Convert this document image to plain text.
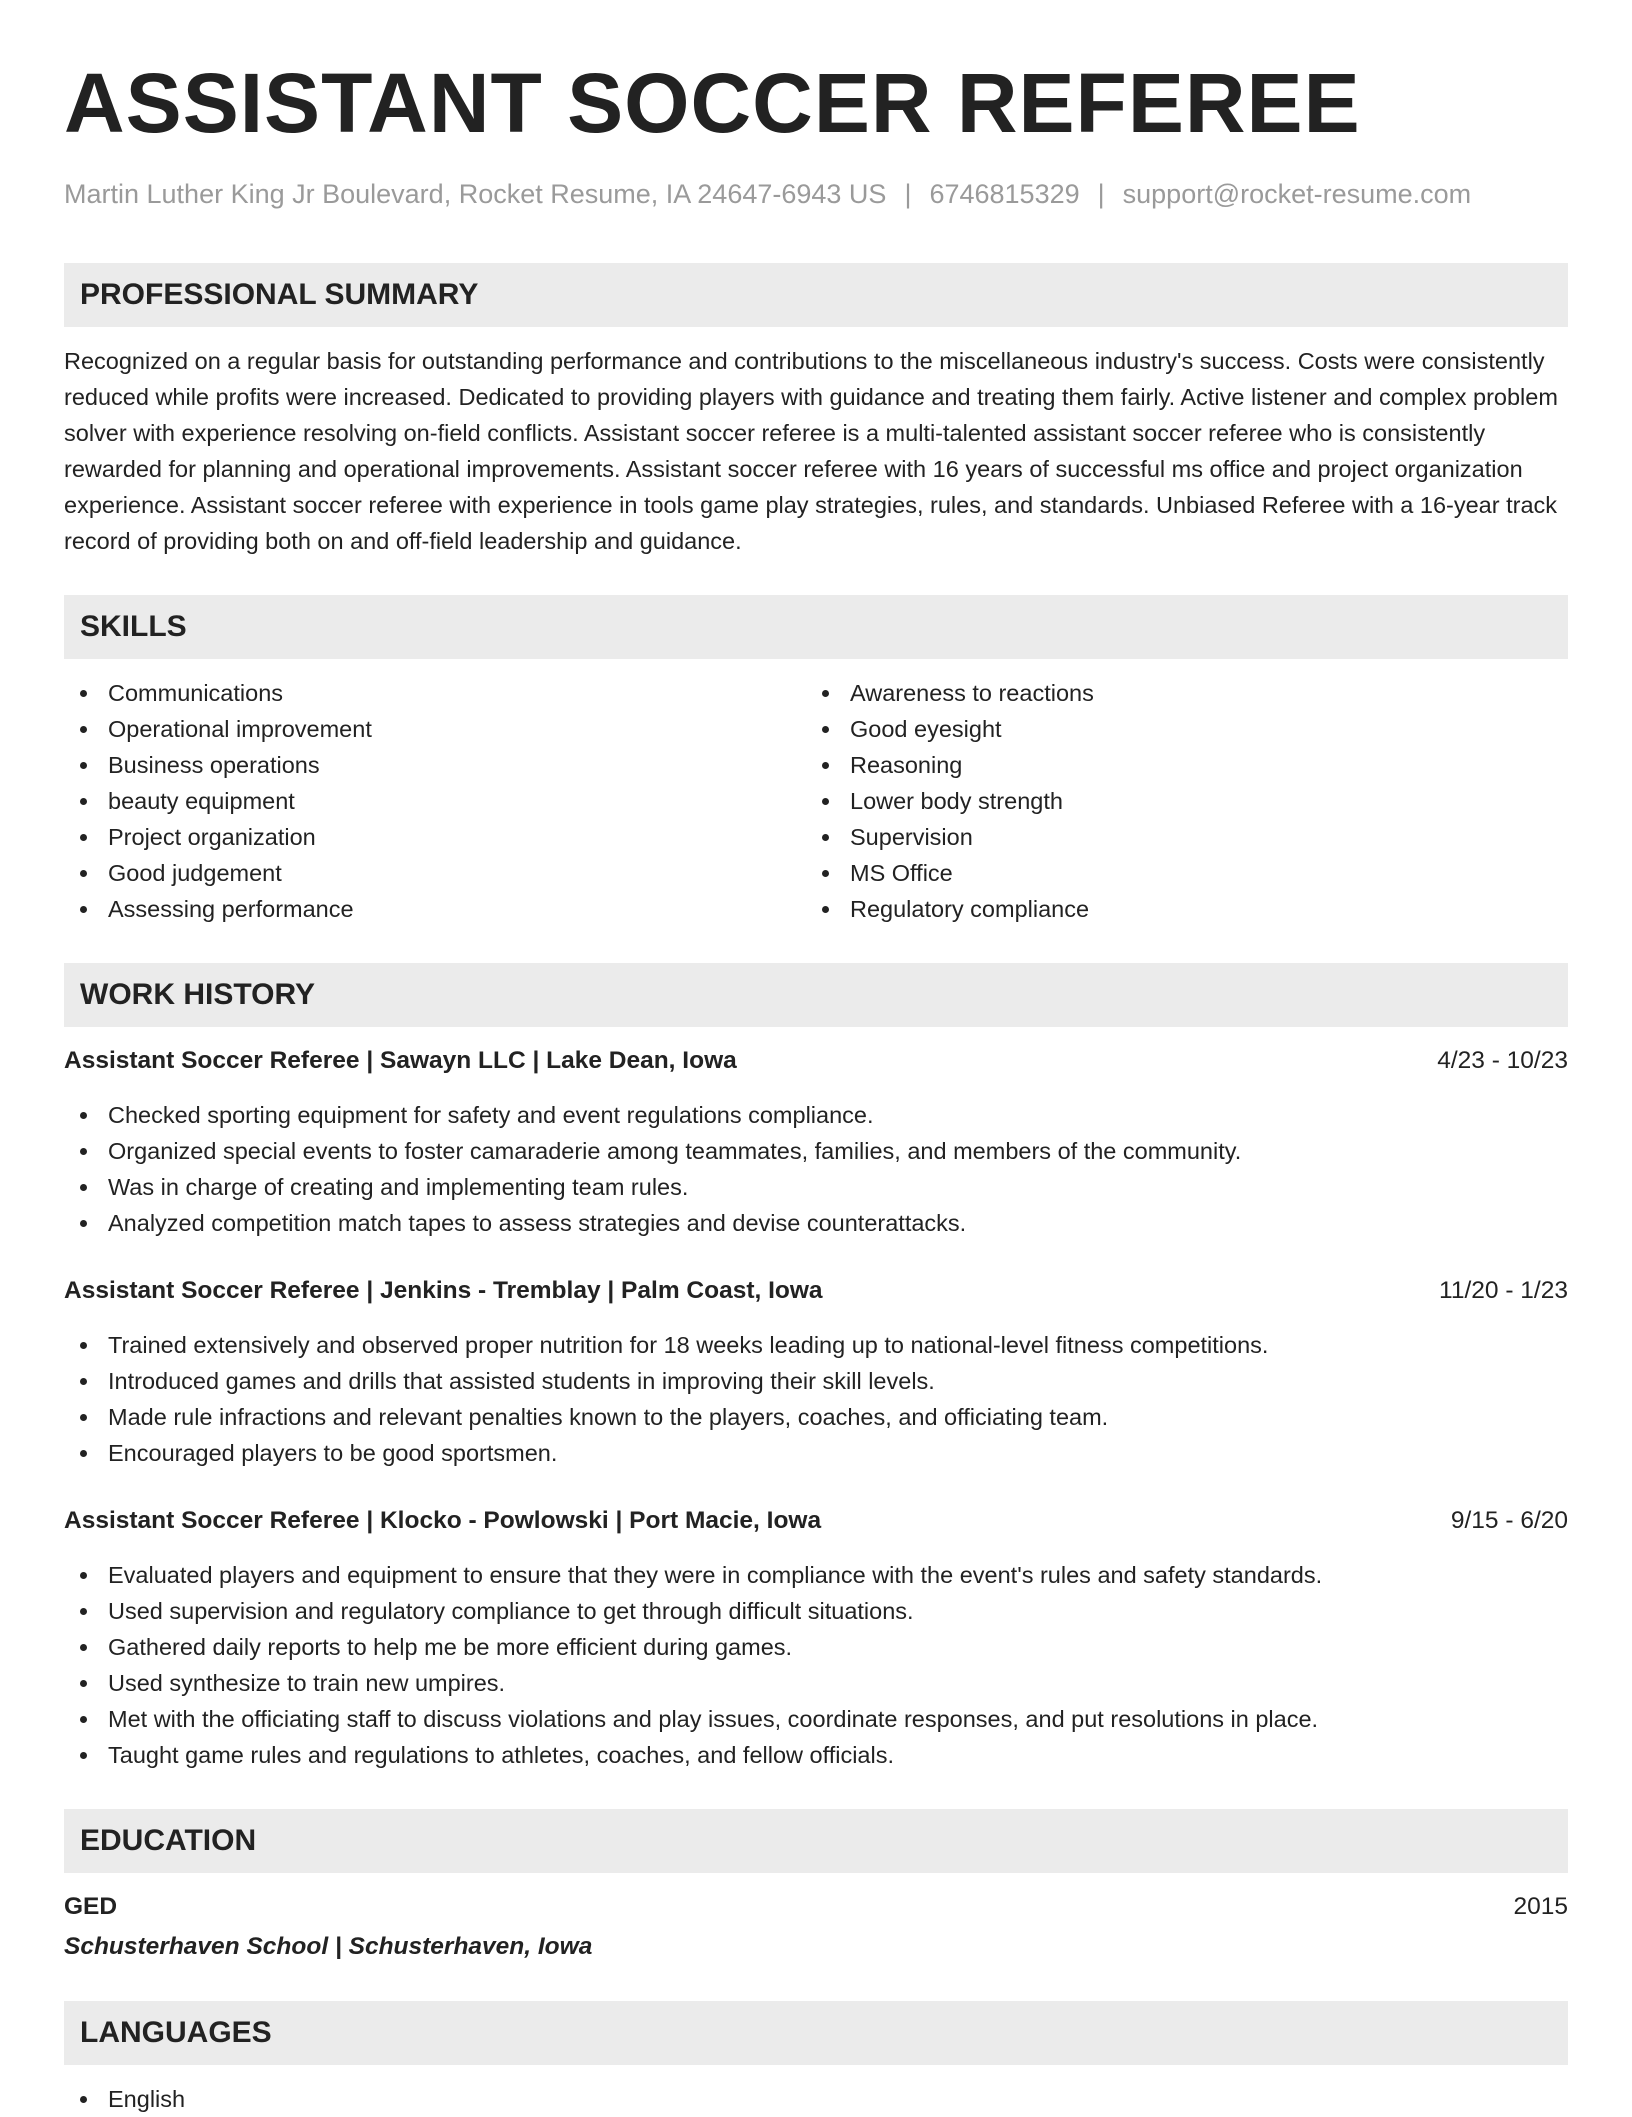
ASSISTANT SOCCER REFEREE
Martin Luther King Jr Boulevard, Rocket Resume, IA 24647-6943 US | 6746815329 | support@rocket-resume.com
PROFESSIONAL SUMMARY

Recognized on a regular basis for outstanding performance and contributions to the miscellaneous industry's success. Costs were consistently reduced while profits were increased. Dedicated to providing players with guidance and treating them fairly. Active listener and complex problem solver with experience resolving on-field conflicts. Assistant soccer referee is a multi-talented assistant soccer referee who is consistently rewarded for planning and operational improvements. Assistant soccer referee with 16 years of successful ms office and project organization experience. Assistant soccer referee with experience in tools game play strategies, rules, and standards. Unbiased Referee with a 16-year track record of providing both on and off-field leadership and guidance.

SKILLS
Communications
Operational improvement
Business operations
beauty equipment
Project organization
Good judgement
Assessing performance
Awareness to reactions
Good eyesight
Reasoning
Lower body strength
Supervision
MS Office
Regulatory compliance
WORK HISTORY
Assistant Soccer Referee | Sawayn LLC | Lake Dean, Iowa	4/23 - 10/23
Checked sporting equipment for safety and event regulations compliance.
Organized special events to foster camaraderie among teammates, families, and members of the community.
Was in charge of creating and implementing team rules.
Analyzed competition match tapes to assess strategies and devise counterattacks.
Assistant Soccer Referee | Jenkins - Tremblay | Palm Coast, Iowa	11/20 - 1/23
Trained extensively and observed proper nutrition for 18 weeks leading up to national-level fitness competitions.
Introduced games and drills that assisted students in improving their skill levels.
Made rule infractions and relevant penalties known to the players, coaches, and officiating team.
Encouraged players to be good sportsmen.
Assistant Soccer Referee | Klocko - Powlowski | Port Macie, Iowa	9/15 - 6/20
Evaluated players and equipment to ensure that they were in compliance with the event's rules and safety standards.
Used supervision and regulatory compliance to get through difficult situations.
Gathered daily reports to help me be more efficient during games.
Used synthesize to train new umpires.
Met with the officiating staff to discuss violations and play issues, coordinate responses, and put resolutions in place.
Taught game rules and regulations to athletes, coaches, and fellow officials.
EDUCATION
GED	2015
Schusterhaven School | Schusterhaven, Iowa
LANGUAGES
English
